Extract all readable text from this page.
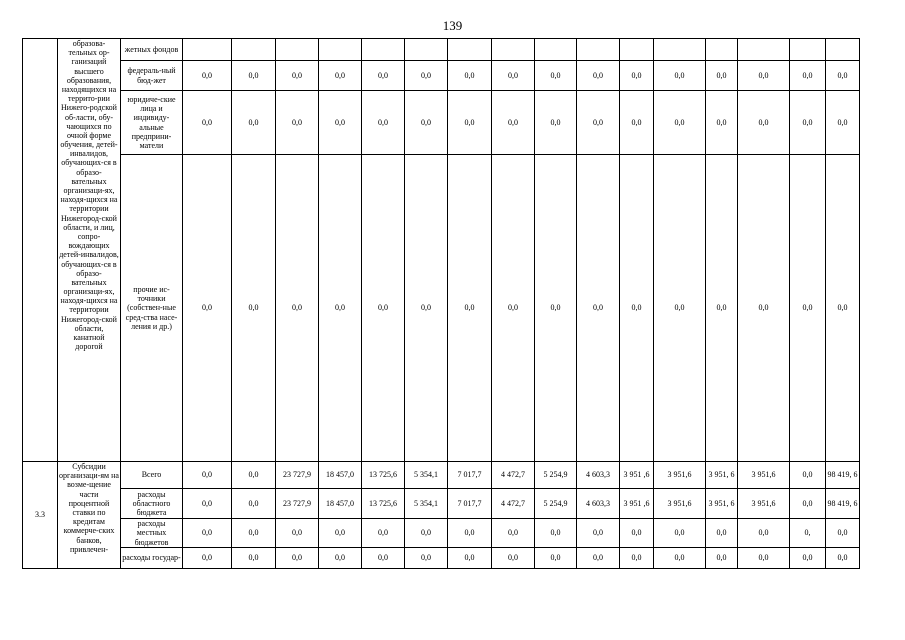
139
	образова-тельных ор-ганизаций высшего образования, находящихся на террито-рии Нижего-родской об-ласти, обу-чающихся по очной форме обучения, детей-инвалидов, обучающих-ся в образо-вательных организаци-ях, находя-щихся на территории Нижегород-ской области, и лиц, сопро-вождающих детей-инвалидов, обучающих-ся в образо-вательных организаци-ях, находя-щихся на территории Нижегород-ской области, канатной дорогой	жетных фондов																
		федераль-ный бюд-жет	0,0	0,0	0,0	0,0	0,0	0,0	0,0	0,0	0,0	0,0	0,0	0,0	0,0	0,0	0,0	0,0
		юридиче-ские лица и индивиду-альные предприни-матели	0,0	0,0	0,0	0,0	0,0	0,0	0,0	0,0	0,0	0,0	0,0	0,0	0,0	0,0	0,0	0,0
		прочие ис-точники (собствен-ные сред-ства насе-ления и др.)	0,0	0,0	0,0	0,0	0,0	0,0	0,0	0,0	0,0	0,0	0,0	0,0	0,0	0,0	0,0	0,0
3.3	Субсидии организаци-ям на возме-щение части процентной ставки по кредитам коммерче-ских банков, привлечен-	Всего	0,0	0,0	23 727,9	18 457,0	13 725,6	5 354,1	7 017,7	4 472,7	5 254,9	4 603,3	3 951 ,6	3 951,6	3 951, 6	3 951,6	0,0	98 419, 6
		расходы областного бюджета	0,0	0,0	23 727,9	18 457,0	13 725,6	5 354,1	7 017,7	4 472,7	5 254,9	4 603,3	3 951 ,6	3 951,6	3 951, 6	3 951,6	0,0	98 419, 6
		расходы местных бюджетов	0,0	0,0	0,0	0,0	0,0	0,0	0,0	0,0	0,0	0,0	0,0	0,0	0,0	0,0	0,	0,0
		расходы государ-	0,0	0,0	0,0	0,0	0,0	0,0	0,0	0,0	0,0	0,0	0,0	0,0	0,0	0,0	0,0	0,0
